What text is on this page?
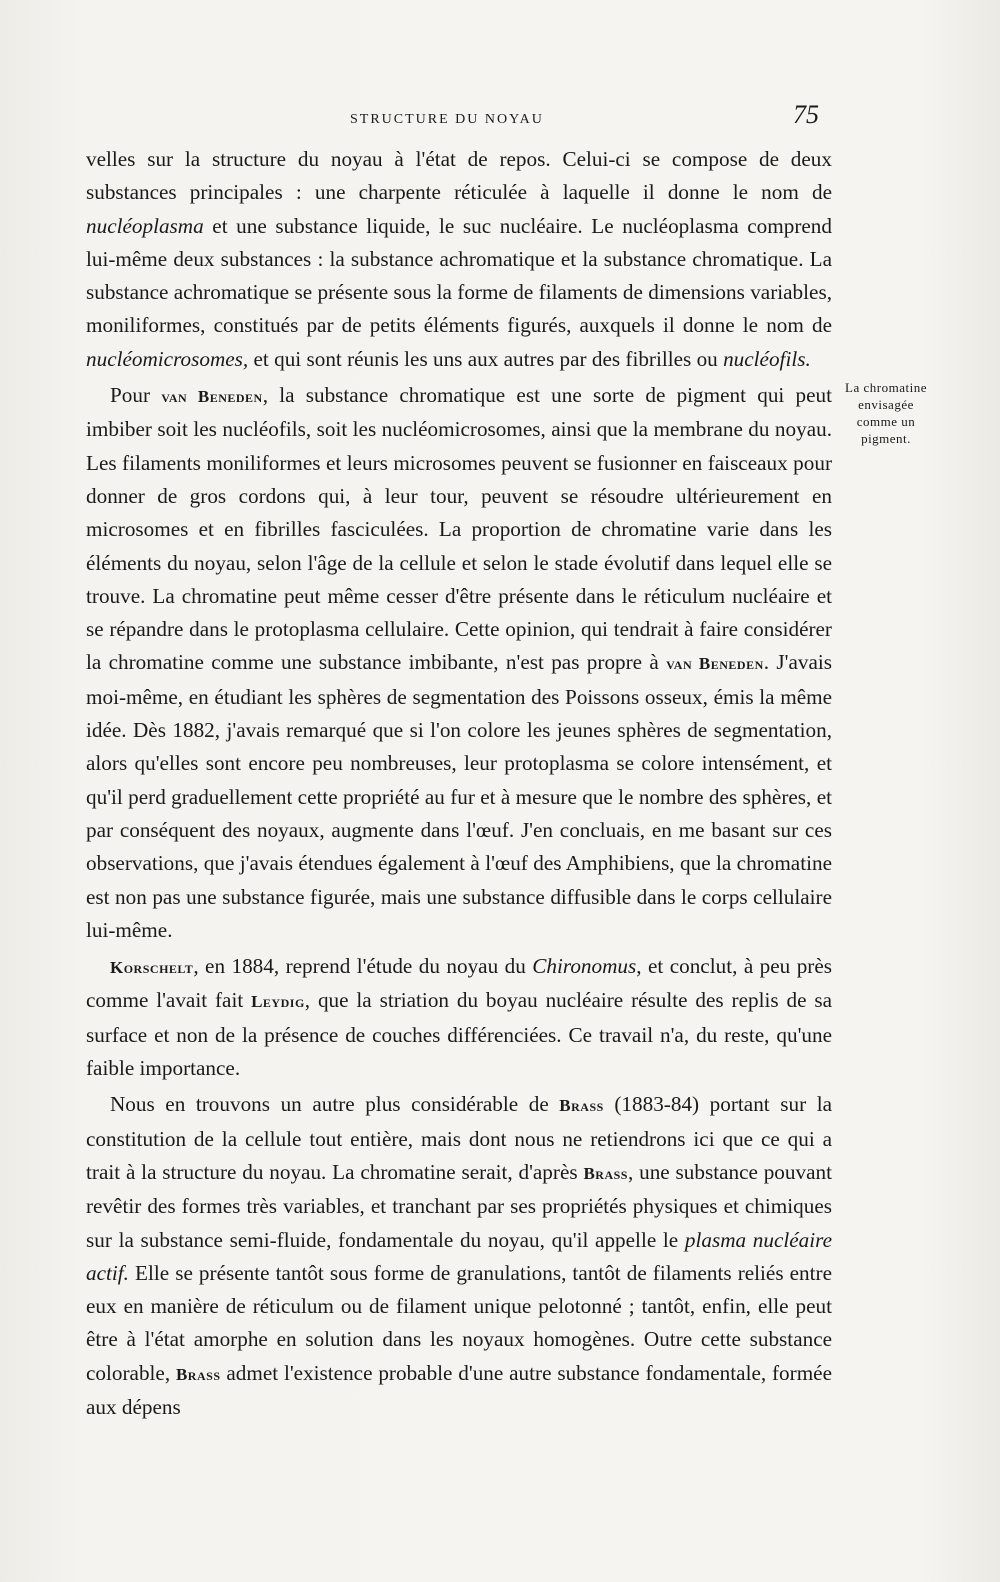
STRUCTURE DU NOYAU	75

velles sur la structure du noyau à l'état de repos. Celui-ci se compose de deux substances principales : une charpente réticulée à laquelle il donne le nom de nucléoplasma et une substance liquide, le suc nucléaire. Le nucléoplasma comprend lui-même deux substances : la substance achromatique et la substance chromatique. La substance achromatique se présente sous la forme de filaments de dimensions variables, moniliformes, constitués par de petits éléments figurés, auxquels il donne le nom de nucléomicrosomes, et qui sont réunis les uns aux autres par des fibrilles ou nucléofils.

Pour van Beneden, la substance chromatique est une sorte de pigment qui peut imbiber soit les nucléofils, soit les nucléomicrosomes, ainsi que la membrane du noyau. Les filaments moniliformes et leurs microsomes peuvent se fusionner en faisceaux pour donner de gros cordons qui, à leur tour, peuvent se résoudre ultérieurement en microsomes et en fibrilles fasciculées. La proportion de chromatine varie dans les éléments du noyau, selon l'âge de la cellule et selon le stade évolutif dans lequel elle se trouve. La chromatine peut même cesser d'être présente dans le réticulum nucléaire et se répandre dans le protoplasma cellulaire. Cette opinion, qui tendrait à faire considérer la chromatine comme une substance imbibante, n'est pas propre à van Beneden. J'avais moi-même, en étudiant les sphères de segmentation des Poissons osseux, émis la même idée. Dès 1882, j'avais remarqué que si l'on colore les jeunes sphères de segmentation, alors qu'elles sont encore peu nombreuses, leur protoplasma se colore intensément, et qu'il perd graduellement cette propriété au fur et à mesure que le nombre des sphères, et par conséquent des noyaux, augmente dans l'œuf. J'en concluais, en me basant sur ces observations, que j'avais étendues également à l'œuf des Amphibiens, que la chromatine est non pas une substance figurée, mais une substance diffusible dans le corps cellulaire lui-même.

Korschelt, en 1884, reprend l'étude du noyau du Chironomus, et conclut, à peu près comme l'avait fait Leydig, que la striation du boyau nucléaire résulte des replis de sa surface et non de la présence de couches différenciées. Ce travail n'a, du reste, qu'une faible importance.

Nous en trouvons un autre plus considérable de Brass (1883-84) portant sur la constitution de la cellule tout entière, mais dont nous ne retiendrons ici que ce qui a trait à la structure du noyau. La chromatine serait, d'après Brass, une substance pouvant revêtir des formes très variables, et tranchant par ses propriétés physiques et chimiques sur la substance semi-fluide, fondamentale du noyau, qu'il appelle le plasma nucléaire actif. Elle se présente tantôt sous forme de granulations, tantôt de filaments reliés entre eux en manière de réticulum ou de filament unique pelotonné ; tantôt, enfin, elle peut être à l'état amorphe en solution dans les noyaux homogènes. Outre cette substance colorable, Brass admet l'existence probable d'une autre substance fondamentale, formée aux dépens

La chromatine
envisagée
comme un
pigment.
